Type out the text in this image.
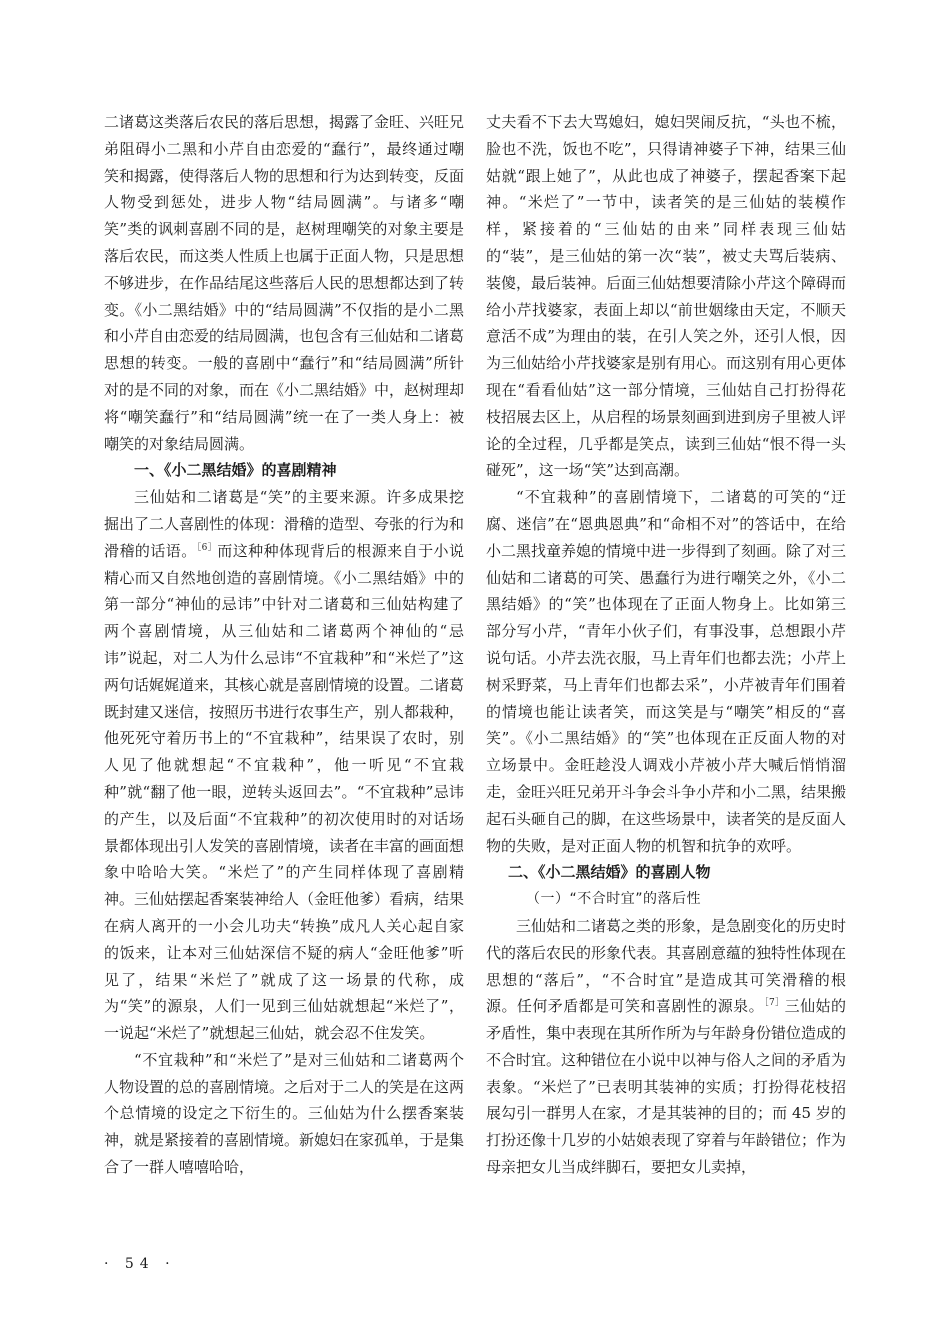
二诸葛这类落后农民的落后思想，揭露了金旺、兴旺兄弟阻碍小二黑和小芹自由恋爱的“蠢行”，最终通过嘲笑和揭露，使得落后人物的思想和行为达到转变，反面人物受到惩处，进步人物“结局圆满”。与诸多“嘲笑”类的讽刺喜剧不同的是，赵树理嘲笑的对象主要是落后农民，而这类人性质上也属于正面人物，只是思想不够进步，在作品结尾这些落后人民的思想都达到了转变。《小二黑结婚》中的“结局圆满”不仅指的是小二黑和小芹自由恋爱的结局圆满，也包含有三仙姑和二诸葛思想的转变。一般的喜剧中“蠢行”和“结局圆满”所针对的是不同的对象，而在《小二黑结婚》中，赵树理却将“嘲笑蠢行”和“结局圆满”统一在了一类人身上：被嘲笑的对象结局圆满。

一、《小二黑结婚》的喜剧精神

三仙姑和二诸葛是“笑”的主要来源。许多成果挖掘出了二人喜剧性的体现：滑稽的造型、夸张的行为和滑稽的话语。$^{[6]}$而这种种体现背后的根源来自于小说精心而又自然地创造的喜剧情境。《小二黑结婚》中的第一部分“神仙的忌讳”中针对二诸葛和三仙姑构建了两个喜剧情境，从三仙姑和二诸葛两个神仙的“忌讳”说起，对二人为什么忌讳“不宜栽种”和“米烂了”这两句话娓娓道来，其核心就是喜剧情境的设置。二诸葛既封建又迷信，按照历书进行农事生产，别人都栽种，他死死守着历书上的“不宜栽种”，结果误了农时，别人见了他就想起“不宜栽种”，他一听见“不宜栽种”就“翻了他一眼，逆转头返回去”。“不宜栽种”忌讳的产生，以及后面“不宜栽种”的初次使用时的对话场景都体现出引人发笑的喜剧情境，读者在丰富的画面想象中哈哈大笑。“米烂了”的产生同样体现了喜剧精神。三仙姑摆起香案装神给人（金旺他爹）看病，结果在病人离开的一小会儿功夫“转换”成凡人关心起自家的饭来，让本对三仙姑深信不疑的病人“金旺他爹”听见了，结果“米烂了”就成了这一场景的代称，成为“笑”的源泉，人们一见到三仙姑就想起“米烂了”，一说起“米烂了”就想起三仙姑，就会忍不住发笑。

“不宜栽种”和“米烂了”是对三仙姑和二诸葛两个人物设置的总的喜剧情境。之后对于二人的笑是在这两个总情境的设定之下衍生的。三仙姑为什么摆香案装神，就是紧接着的喜剧情境。新媳妇在家孤单，于是集合了一群人嘻嘻哈哈，

丈夫看不下去大骂媳妇，媳妇哭闹反抗，“头也不梳，脸也不洗，饭也不吃”，只得请神婆子下神，结果三仙姑就“跟上她了”，从此也成了神婆子，摆起香案下起神。“米烂了”一节中，读者笑的是三仙姑的装模作样，紧接着的“三仙姑的由来”同样表现三仙姑的“装”，是三仙姑的第一次“装”，被丈夫骂后装病、装傻，最后装神。后面三仙姑想要清除小芹这个障碍而给小芹找婆家，表面上却以“前世姻缘由天定，不顺天意活不成”为理由的装，在引人笑之外，还引人恨，因为三仙姑给小芹找婆家是别有用心。而这别有用心更体现在“看看仙姑”这一部分情境，三仙姑自己打扮得花枝招展去区上，从启程的场景刻画到进到房子里被人评论的全过程，几乎都是笑点，读到三仙姑“恨不得一头碰死”，这一场“笑”达到高潮。

“不宜栽种”的喜剧情境下，二诸葛的可笑的“迂腐、迷信”在“恩典恩典”和“命相不对”的答话中，在给小二黑找童养媳的情境中进一步得到了刻画。除了对三仙姑和二诸葛的可笑、愚蠢行为进行嘲笑之外，《小二黑结婚》的“笑”也体现在了正面人物身上。比如第三部分写小芹，“青年小伙子们，有事没事，总想跟小芹说句话。小芹去洗衣服，马上青年们也都去洗；小芹上树采野菜，马上青年们也都去采”，小芹被青年们围着的情境也能让读者笑，而这笑是与“嘲笑”相反的“喜笑”。《小二黑结婚》的“笑”也体现在正反面人物的对立场景中。金旺趁没人调戏小芹被小芹大喊后悄悄溜走，金旺兴旺兄弟开斗争会斗争小芹和小二黑，结果搬起石头砸自己的脚，在这些场景中，读者笑的是反面人物的失败，是对正面人物的机智和抗争的欢呼。

二、《小二黑结婚》的喜剧人物

（一）“不合时宜”的落后性

三仙姑和二诸葛之类的形象，是急剧变化的历史时代的落后农民的形象代表。其喜剧意蕴的独特性体现在思想的“落后”，“不合时宜”是造成其可笑滑稽的根源。任何矛盾都是可笑和喜剧性的源泉。$^{[7]}$三仙姑的矛盾性，集中表现在其所作所为与年龄身份错位造成的不合时宜。这种错位在小说中以神与俗人之间的矛盾为表象。“米烂了”已表明其装神的实质；打扮得花枝招展勾引一群男人在家，才是其装神的目的；而 45 岁的打扮还像十几岁的小姑娘表现了穿着与年龄错位；作为母亲把女儿当成绊脚石，要把女儿卖掉，

· 54 ·
